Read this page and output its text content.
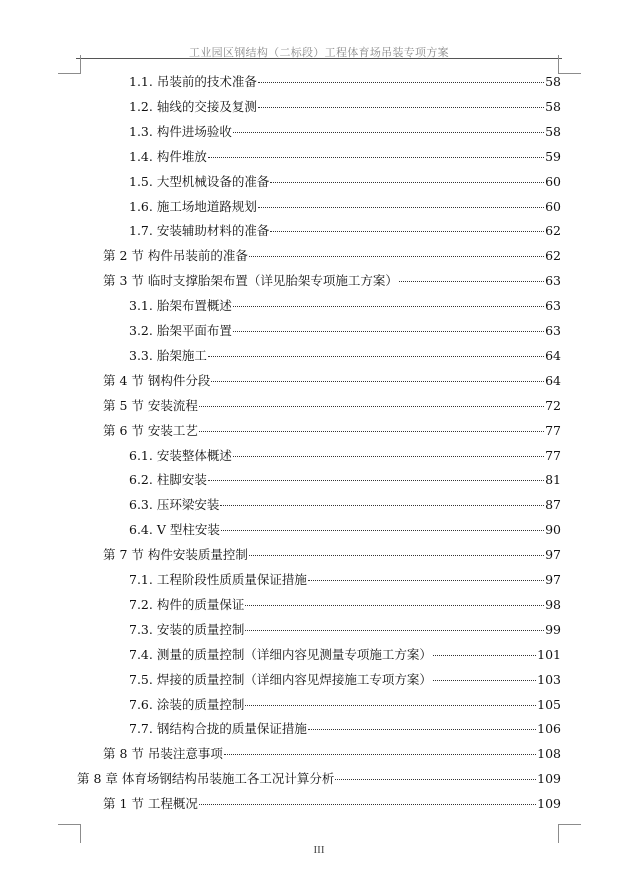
工业园区钢结构（二标段）工程体育场吊装专项方案
1.1. 吊装前的技术准备	58
1.2. 轴线的交接及复测	58
1.3. 构件进场验收	58
1.4. 构件堆放	59
1.5. 大型机械设备的准备	60
1.6. 施工场地道路规划	60
1.7. 安装辅助材料的准备	62
第 2 节 构件吊装前的准备	62
第 3 节 临时支撑胎架布置（详见胎架专项施工方案）	63
3.1. 胎架布置概述	63
3.2. 胎架平面布置	63
3.3. 胎架施工	64
第 4 节 钢构件分段	64
第 5 节 安装流程	72
第 6 节 安装工艺	77
6.1. 安装整体概述	77
6.2. 柱脚安装	81
6.3. 压环梁安装	87
6.4. V 型柱安装	90
第 7 节 构件安装质量控制	97
7.1. 工程阶段性质质量保证措施	97
7.2. 构件的质量保证	98
7.3. 安装的质量控制	99
7.4. 测量的质量控制（详细内容见测量专项施工方案）	101
7.5. 焊接的质量控制（详细内容见焊接施工专项方案）	103
7.6. 涂装的质量控制	105
7.7. 钢结构合拢的质量保证措施	106
第 8 节 吊装注意事项	108
第 8 章 体育场钢结构吊装施工各工况计算分析	109
第 1 节 工程概况	109
III
